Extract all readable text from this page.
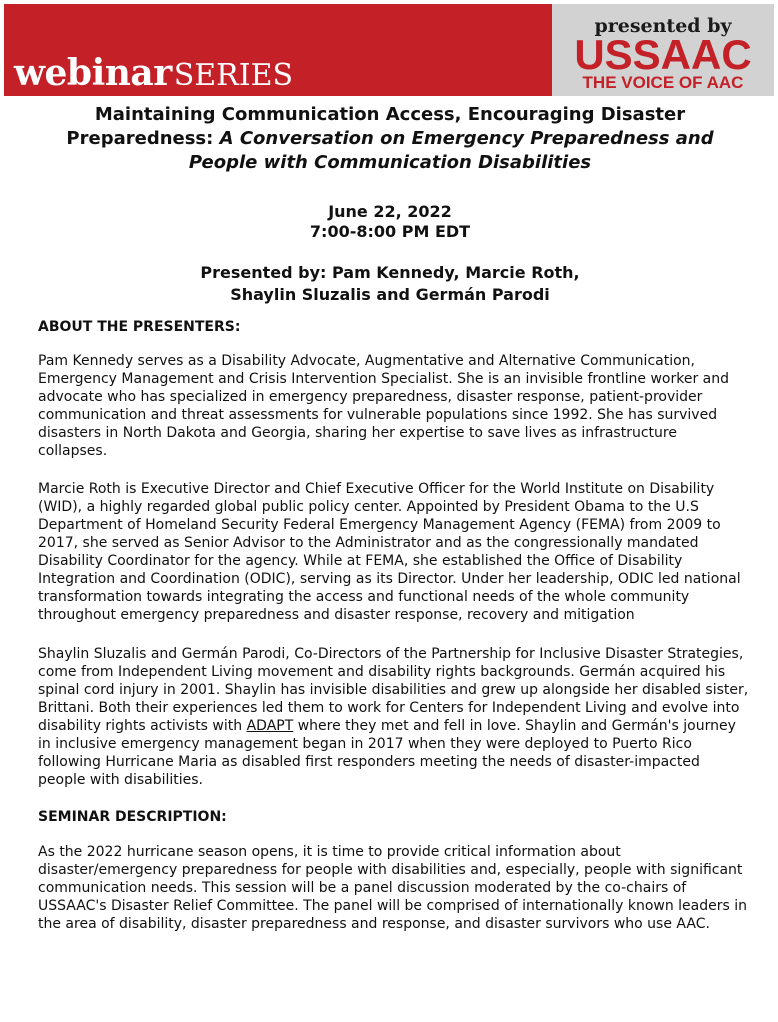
webinarSERIES
presented by
USSAAC
THE VOICE OF AAC
Maintaining Communication Access, Encouraging Disaster Preparedness: A Conversation on Emergency Preparedness and People with Communication Disabilities
June 22, 2022
7:00-8:00 PM EDT
Presented by: Pam Kennedy, Marcie Roth,
Shaylin Sluzalis and Germán Parodi
ABOUT THE PRESENTERS:
Pam Kennedy serves as a Disability Advocate, Augmentative and Alternative Communication, Emergency Management and Crisis Intervention Specialist. She is an invisible frontline worker and advocate who has specialized in emergency preparedness, disaster response, patient-provider communication and threat assessments for vulnerable populations since 1992. She has survived disasters in North Dakota and Georgia, sharing her expertise to save lives as infrastructure collapses.
Marcie Roth is Executive Director and Chief Executive Officer for the World Institute on Disability (WID), a highly regarded global public policy center. Appointed by President Obama to the U.S Department of Homeland Security Federal Emergency Management Agency (FEMA) from 2009 to 2017, she served as Senior Advisor to the Administrator and as the congressionally mandated Disability Coordinator for the agency. While at FEMA, she established the Office of Disability Integration and Coordination (ODIC), serving as its Director. Under her leadership, ODIC led national transformation towards integrating the access and functional needs of the whole community throughout emergency preparedness and disaster response, recovery and mitigation
Shaylin Sluzalis and Germán Parodi, Co-Directors of the Partnership for Inclusive Disaster Strategies, come from Independent Living movement and disability rights backgrounds. Germán acquired his spinal cord injury in 2001. Shaylin has invisible disabilities and grew up alongside her disabled sister, Brittani. Both their experiences led them to work for Centers for Independent Living and evolve into disability rights activists with ADAPT where they met and fell in love. Shaylin and Germán's journey in inclusive emergency management began in 2017 when they were deployed to Puerto Rico following Hurricane Maria as disabled first responders meeting the needs of disaster-impacted people with disabilities.
SEMINAR DESCRIPTION:
As the 2022 hurricane season opens, it is time to provide critical information about disaster/emergency preparedness for people with disabilities and, especially, people with significant communication needs. This session will be a panel discussion moderated by the co-chairs of USSAAC's Disaster Relief Committee. The panel will be comprised of internationally known leaders in the area of disability, disaster preparedness and response, and disaster survivors who use AAC.
